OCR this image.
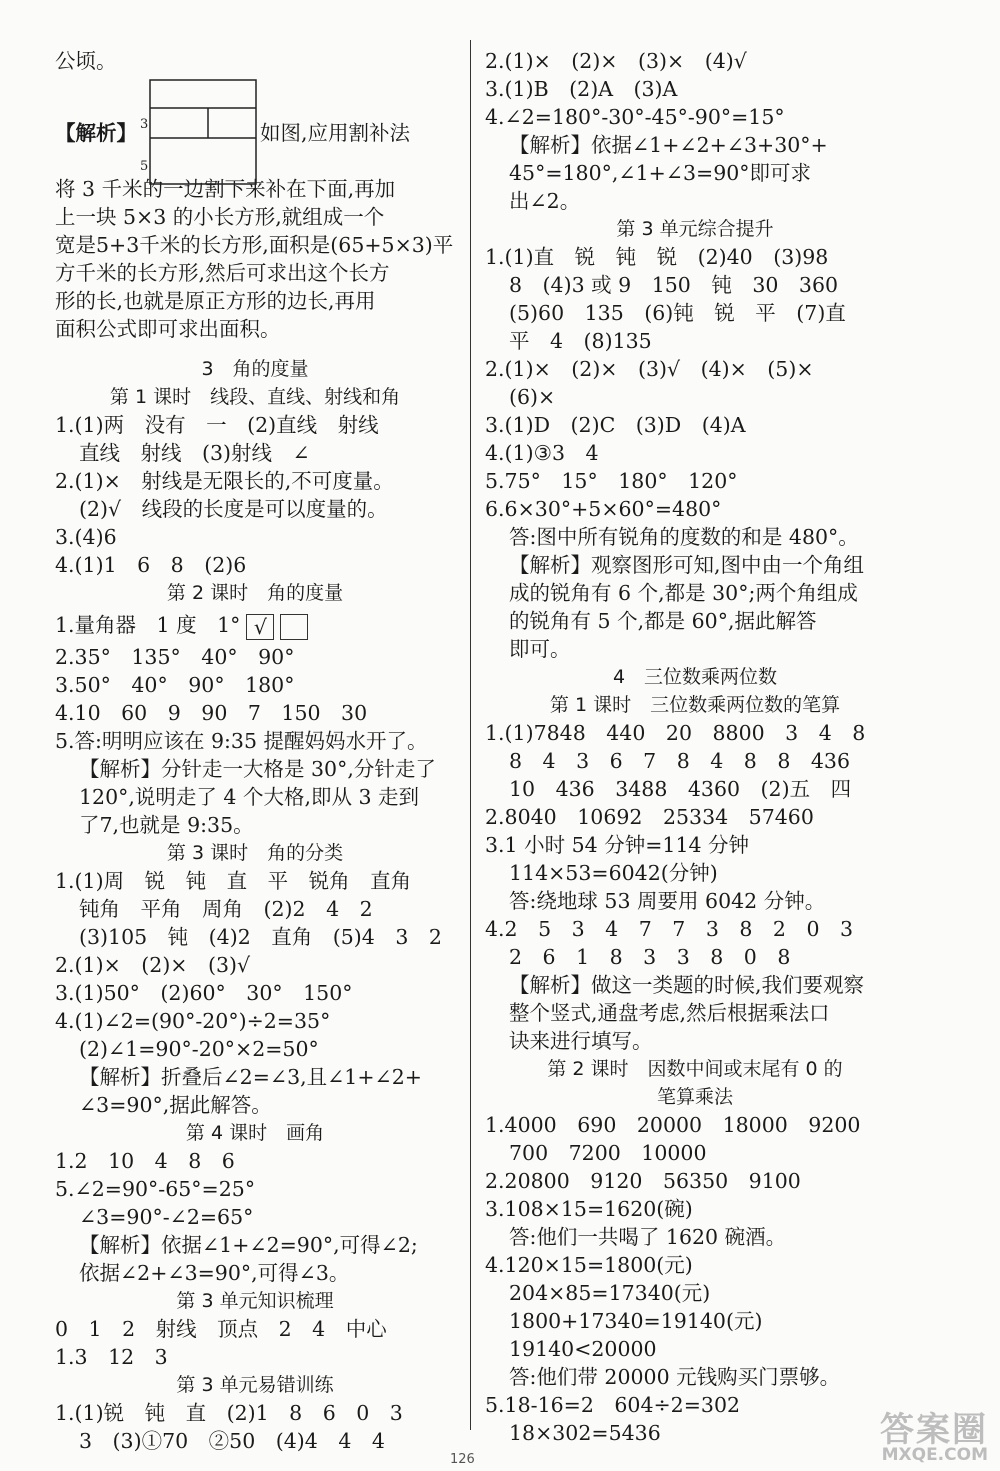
公顷。
【解析】	如图,应用割补法
将 3 千米的一边割下来补在下面,再加
上一块 5×3 的小长方形,就组成一个
宽是5+3千米的长方形,面积是(65+5×3)平
方千米的长方形,然后可求出这个长方
形的长,也就是原正方形的边长,再用
面积公式即可求出面积。
3　角的度量
第 1 课时　线段、直线、射线和角
1.(1)两　没有　一　(2)直线　射线
直线　射线　(3)射线　∠
2.(1)×　射线是无限长的,不可度量。
(2)√　线段的长度是可以度量的。
3.(4)6
4.(1)1　6　8　(2)6
第 2 课时　角的度量
1.量角器　1 度　1° √
2.35°　135°　40°　90°
3.50°　40°　90°　180°
4.10　60　9　90　7　150　30
5.答:明明应该在 9:35 提醒妈妈水开了。
【解析】分针走一大格是 30°,分针走了
120°,说明走了 4 个大格,即从 3 走到
了7,也就是 9:35。
第 3 课时　角的分类
1.(1)周　锐　钝　直　平　锐角　直角
钝角　平角　周角　(2)2　4　2
(3)105　钝　(4)2　直角　(5)4　3　2
2.(1)×　(2)×　(3)√
3.(1)50°　(2)60°　30°　150°
4.(1)∠2=(90°-20°)÷2=35°
(2)∠1=90°-20°×2=50°
【解析】折叠后∠2=∠3,且∠1+∠2+
∠3=90°,据此解答。
第 4 课时　画角
1.2　10　4　8　6
5.∠2=90°-65°=25°
∠3=90°-∠2=65°
【解析】依据∠1+∠2=90°,可得∠2;
依据∠2+∠3=90°,可得∠3。
第 3 单元知识梳理
0　1　2　射线　顶点　2　4　中心
1.3　12　3
第 3 单元易错训练
1.(1)锐　钝　直　(2)1　8　6　0　3
3　(3)①70　②50　(4)4　4　4
2.(1)×　(2)×　(3)×　(4)√
3.(1)B　(2)A　(3)A
4.∠2=180°-30°-45°-90°=15°
【解析】依据∠1+∠2+∠3+30°+
45°=180°,∠1+∠3=90°即可求
出∠2。
第 3 单元综合提升
1.(1)直　锐　钝　锐　(2)40　(3)98
8　(4)3 或 9　150　钝　30　360
(5)60　135　(6)钝　锐　平　(7)直
平　4　(8)135
2.(1)×　(2)×　(3)√　(4)×　(5)×
(6)×
3.(1)D　(2)C　(3)D　(4)A
4.(1)③3　4
5.75°　15°　180°　120°
6.6×30°+5×60°=480°
答:图中所有锐角的度数的和是 480°。
【解析】观察图形可知,图中由一个角组
成的锐角有 6 个,都是 30°;两个角组成
的锐角有 5 个,都是 60°,据此解答
即可。
4　三位数乘两位数
第 1 课时　三位数乘两位数的笔算
1.(1)7848　440　20　8800　3　4　8
8　4　3　6　7　8　4　8　8　436
10　436　3488　4360　(2)五　四
2.8040　10692　25334　57460
3.1 小时 54 分钟=114 分钟
114×53=6042(分钟)
答:绕地球 53 周要用 6042 分钟。
4.2　5　3　4　7　7　3　8　2　0　3
2　6　1　8　3　3　8　0　8
【解析】做这一类题的时候,我们要观察
整个竖式,通盘考虑,然后根据乘法口
诀来进行填写。
第 2 课时　因数中间或末尾有 0 的
笔算乘法
1.4000　690　20000　18000　9200
700　7200　10000
2.20800　9120　56350　9100
3.108×15=1620(碗)
答:他们一共喝了 1620 碗酒。
4.120×15=1800(元)
204×85=17340(元)
1800+17340=19140(元)
19140<20000
答:他们带 20000 元钱购买门票够。
5.18-16=2　604÷2=302
18×302=5436
3
5
126
答案圈
MXQE.COM
